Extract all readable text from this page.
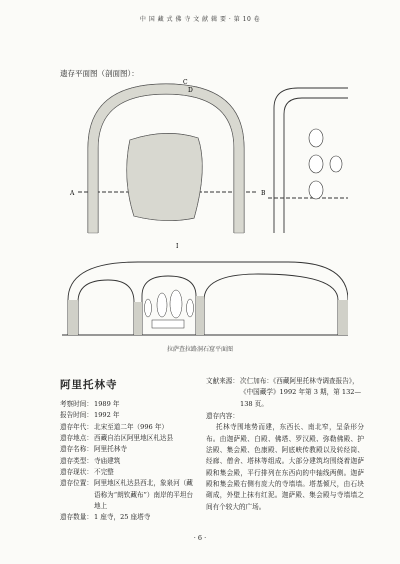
中 国 藏 式 佛 寺 文 献 辑 要 · 第 10 卷
遗存平面图（剖面图）：
A	B
C
D
I
拉萨查拉路洞石窟平面图
阿里托林寺
考察时间： 1989 年
报告时间： 1992 年
遗存年代： 北宋至道二年（996 年）
遗存地点： 西藏自治区阿里地区札达县
遗存名称： 阿里托林寺
遗存类型： 寺庙建筑
遗存现状： 不完整
遗存位置： 阿里地区札达县西北，象泉河（藏语称为“朗钦藏布”）南岸的平坦台地上
遗存数量： 1 座寺，25 座塔寺
文献来源： 次仁加布：《西藏阿里托林寺调查报告》，《中国藏学》1992 年第 3 期，第 132—138 页。
遗存内容：
托林寺围地势而建，东西长、南北窄，呈条形分布。由迦萨殿、白殿、佛塔、罗汉殿、弥勒佛殿、护法殿、集会殿、色康殿、阿底峡传教殿以及转经筒、经廊、僧舍、塔林等组成。大部分建筑均围绕着迦萨殿和集会殿，平行排列在东西向的中轴线两侧。迦萨殿和集会殿右侧有庞大的寺墙墙。塔基倾尺，由石块砌成，外壁上抹有红泥。迦萨殿、集会殿与寺墙墙之间有个较大的广场。
· 6 ·
